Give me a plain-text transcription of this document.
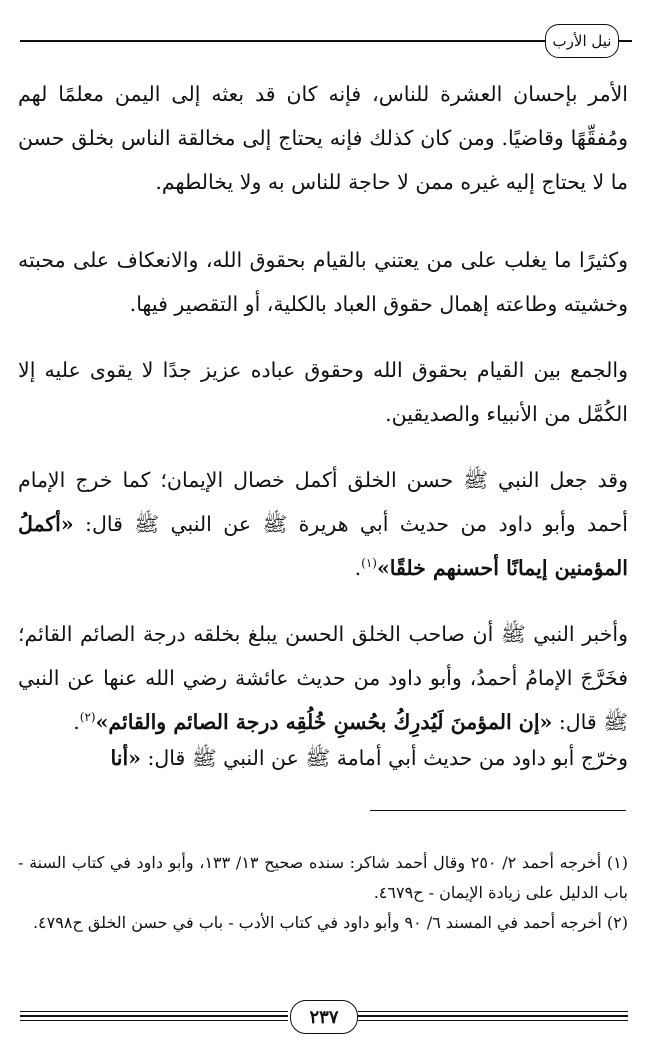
نيل الأرب

الأمر بإحسان العشرة للناس، فإنه كان قد بعثه إلى اليمن معلمًا لهم ومُفقِّهًا وقاضيًا. ومن كان كذلك فإنه يحتاج إلى مخالقة الناس بخلق حسن ما لا يحتاج إليه غيره ممن لا حاجة للناس به ولا يخالطهم.

وكثيرًا ما يغلب على من يعتني بالقيام بحقوق الله، والانعكاف على محبته وخشيته وطاعته إهمال حقوق العباد بالكلية، أو التقصير فيها.

والجمع بين القيام بحقوق الله وحقوق عباده عزيز جدًا لا يقوى عليه إلا الكُمَّل من الأنبياء والصديقين.

وقد جعل النبي ﷺ حسن الخلق أكمل خصال الإيمان؛ كما خرج الإمام أحمد وأبو داود من حديث أبي هريرة ﷺ عن النبي ﷺ قال: «أكملُ المؤمنين إيمانًا أحسنهم خلقًا»$^{(١)}$.

وأخبر النبي ﷺ أن صاحب الخلق الحسن يبلغ بخلقه درجة الصائم القائم؛ فخَرَّجَ الإمامُ أحمدُ، وأبو داود من حديث عائشة رضي الله عنها عن النبي ﷺ قال: «إن المؤمنَ لَيُدرِكُ بحُسنِ خُلُقِه درجة الصائم والقائم»$^{(٢)}$.

وخرّج أبو داود من حديث أبي أمامة ﷺ عن النبي ﷺ قال: «أنا

(١) أخرجه أحمد ٢/ ٢٥٠ وقال أحمد شاكر: سنده صحيح ١٣/ ١٣٣، وأبو داود في كتاب السنة - باب الدليل على زيادة الإيمان - ح٤٦٧٩.

(٢) أخرجه أحمد في المسند ٦/ ٩٠ وأبو داود في كتاب الأدب - باب في حسن الخلق ح٤٧٩٨.

٢٣٧
